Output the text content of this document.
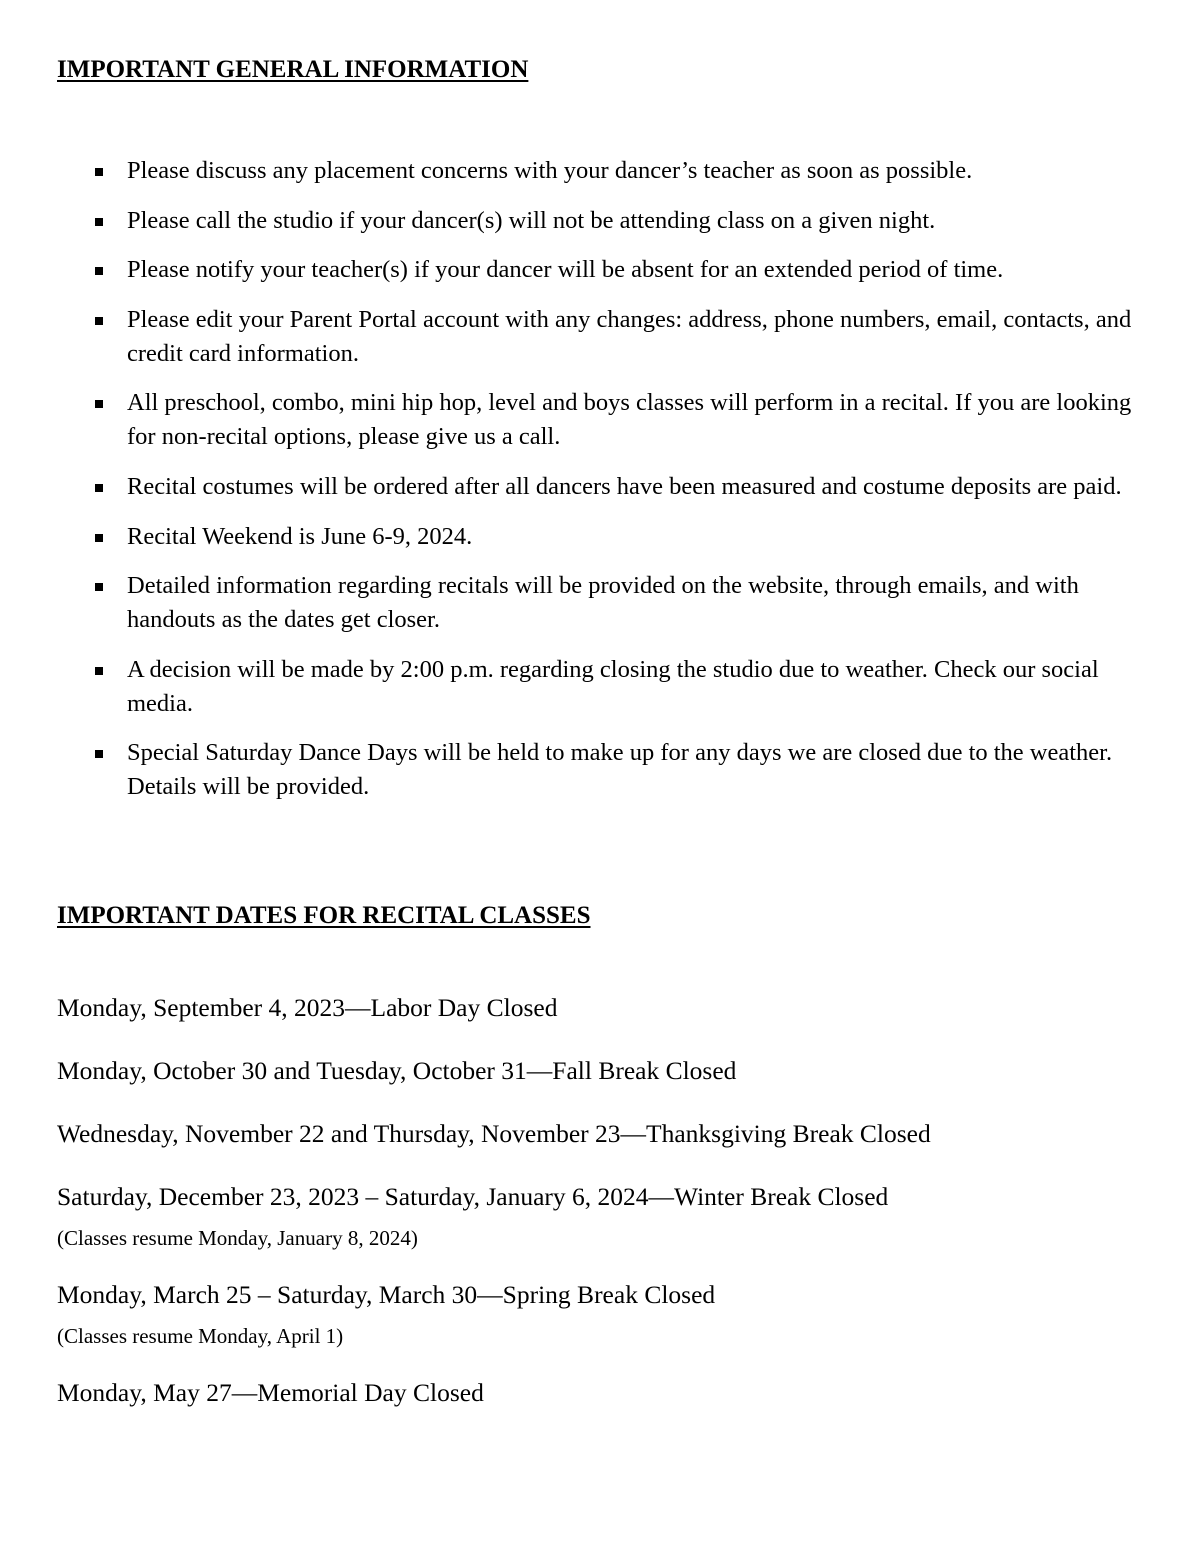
IMPORTANT GENERAL INFORMATION
Please discuss any placement concerns with your dancer’s teacher as soon as possible.
Please call the studio if your dancer(s) will not be attending class on a given night.
Please notify your teacher(s) if your dancer will be absent for an extended period of time.
Please edit your Parent Portal account with any changes: address, phone numbers, email, contacts, and credit card information.
All preschool, combo, mini hip hop, level and boys classes will perform in a recital. If you are looking for non-recital options, please give us a call.
Recital costumes will be ordered after all dancers have been measured and costume deposits are paid.
Recital Weekend is June 6-9, 2024.
Detailed information regarding recitals will be provided on the website, through emails, and with handouts as the dates get closer.
A decision will be made by 2:00 p.m. regarding closing the studio due to weather. Check our social media.
Special Saturday Dance Days will be held to make up for any days we are closed due to the weather. Details will be provided.
IMPORTANT DATES FOR RECITAL CLASSES
Monday, September 4, 2023—Labor Day Closed
Monday, October 30 and Tuesday, October 31—Fall Break Closed
Wednesday, November 22 and Thursday, November 23—Thanksgiving Break Closed
Saturday, December 23, 2023 – Saturday, January 6, 2024—Winter Break Closed
(Classes resume Monday, January 8, 2024)
Monday, March 25 – Saturday, March 30—Spring Break Closed
(Classes resume Monday, April 1)
Monday, May 27—Memorial Day Closed
